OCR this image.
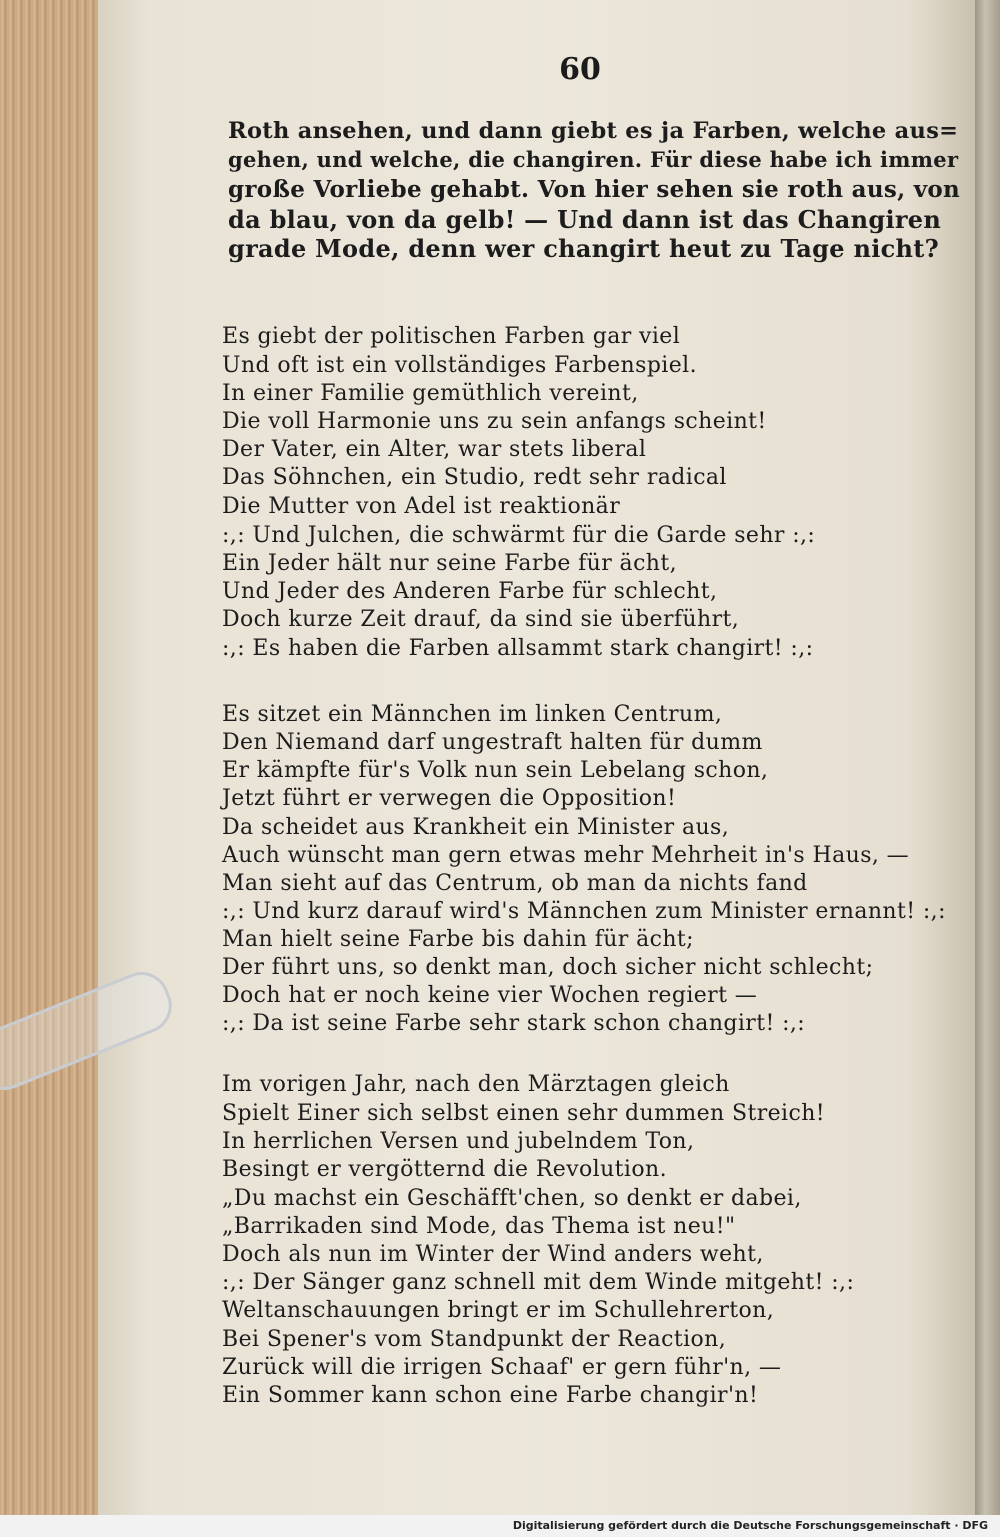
60
Roth ansehen, und dann giebt es ja Farben, welche aus=
gehen, und welche, die changiren. Für diese habe ich immer
große Vorliebe gehabt. Von hier sehen sie roth aus, von
da blau, von da gelb! — Und dann ist das Changiren
grade Mode, denn wer changirt heut zu Tage nicht?
Es giebt der politischen Farben gar viel
Und oft ist ein vollständiges Farbenspiel.
In einer Familie gemüthlich vereint,
Die voll Harmonie uns zu sein anfangs scheint!
Der Vater, ein Alter, war stets liberal
Das Söhnchen, ein Studio, redt sehr radical
Die Mutter von Adel ist reaktionär
:,: Und Julchen, die schwärmt für die Garde sehr :,:
Ein Jeder hält nur seine Farbe für ächt,
Und Jeder des Anderen Farbe für schlecht,
Doch kurze Zeit drauf, da sind sie überführt,
:,: Es haben die Farben allsammt stark changirt! :,:
Es sitzet ein Männchen im linken Centrum,
Den Niemand darf ungestraft halten für dumm
Er kämpfte für's Volk nun sein Lebelang schon,
Jetzt führt er verwegen die Opposition!
Da scheidet aus Krankheit ein Minister aus,
Auch wünscht man gern etwas mehr Mehrheit in's Haus, —
Man sieht auf das Centrum, ob man da nichts fand
:,: Und kurz darauf wird's Männchen zum Minister ernannt! :,:
Man hielt seine Farbe bis dahin für ächt;
Der führt uns, so denkt man, doch sicher nicht schlecht;
Doch hat er noch keine vier Wochen regiert —
:,: Da ist seine Farbe sehr stark schon changirt! :,:
Im vorigen Jahr, nach den Märztagen gleich
Spielt Einer sich selbst einen sehr dummen Streich!
In herrlichen Versen und jubelndem Ton,
Besingt er vergötternd die Revolution.
„Du machst ein Geschäfft'chen, so denkt er dabei,
„Barrikaden sind Mode, das Thema ist neu!"
Doch als nun im Winter der Wind anders weht,
:,: Der Sänger ganz schnell mit dem Winde mitgeht! :,:
Weltanschauungen bringt er im Schullehrerton,
Bei Spener's vom Standpunkt der Reaction,
Zurück will die irrigen Schaaf' er gern führ'n, —
Ein Sommer kann schon eine Farbe changir'n!
Digitalisierung gefördert durch die Deutsche Forschungsgemeinschaft · DFG
